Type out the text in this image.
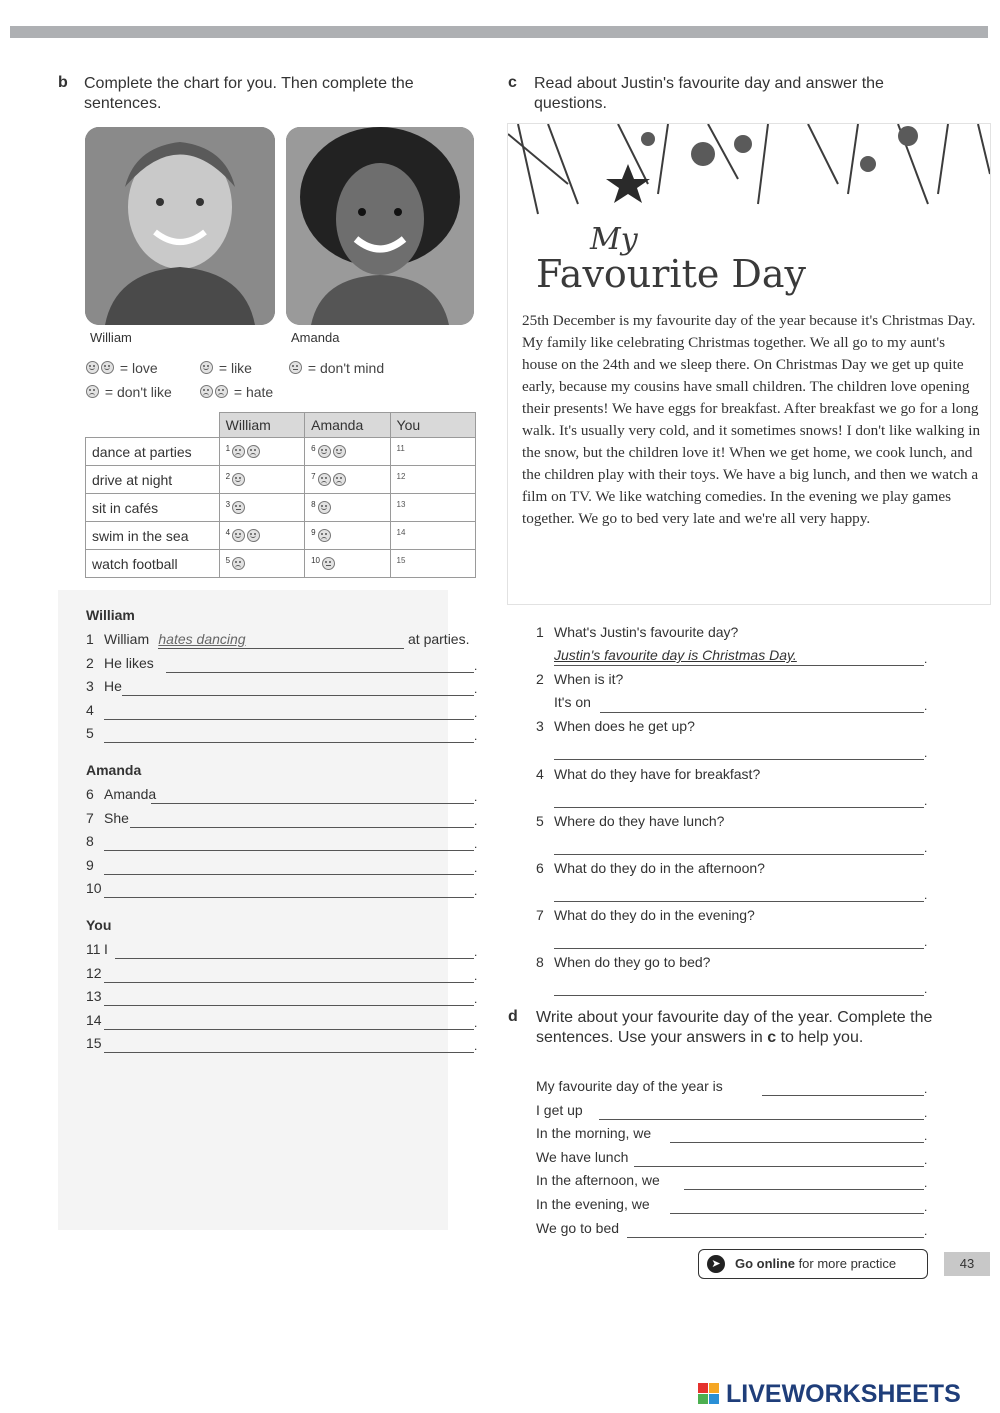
b Complete the chart for you. Then complete the sentences.
William	Amanda
= love	= like	= don't mind
= don't like	= hate
	William	Amanda	You
dance at parties	$^1$	$^6$	$^{11}$
drive at night	$^2$	$^7$	$^{12}$
sit in cafés	$^3$	$^8$	$^{13}$
swim in the sea	$^4$	$^9$	$^{14}$
watch football	$^5$	$^{10}$	$^{15}$
William
1 William hates dancing	at parties.
2 He likes	.
3 He	.
4	.
5	.
Amanda
6 Amanda	.
7 She	.
8	.
9	.
10	.
You
11 I	.
12	.
13	.
14	.
15	.
c Read about Justin's favourite day and answer the questions.
My
Favourite Day
25th December is my favourite day of the year because it's Christmas Day. My family like celebrating Christmas together. We all go to my aunt's house on the 24th and we sleep there. On Christmas Day we get up quite early, because my cousins have small children. The children love opening their presents! We have eggs for breakfast. After breakfast we go for a long walk. It's usually very cold, and it sometimes snows! I don't like walking in the snow, but the children love it! When we get home, we cook lunch, and the children play with their toys. We have a big lunch, and then we watch a film on TV. We like watching comedies. In the evening we play games together. We go to bed very late and we're all very happy.
1 What's Justin's favourite day?
Justin's favourite day is Christmas Day.	.
2 When is it?
It's on	.
3 When does he get up?
.
4 What do they have for breakfast?
.
5 Where do they have lunch?
.
6 What do they do in the afternoon?
.
7 What do they do in the evening?
.
8 When do they go to bed?
.
d Write about your favourite day of the year. Complete the sentences. Use your answers in c to help you.
My favourite day of the year is	.
I get up	.
In the morning, we	.
We have lunch	.
In the afternoon, we	.
In the evening, we	.
We go to bed	.
➤	Go online for more practice	43
LIVEWORKSHEETS
